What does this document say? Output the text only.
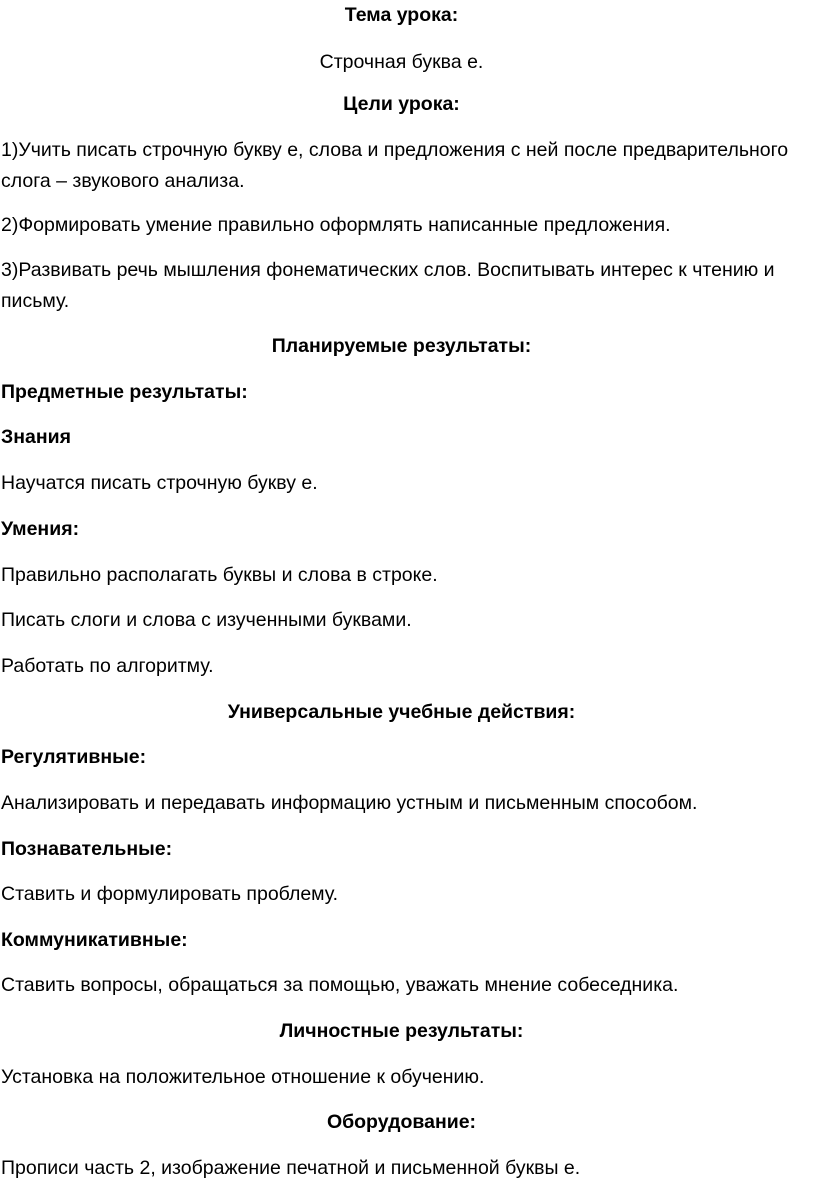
Тема урока:

Строчная буква е.

Цели урока:

1)Учить писать строчную букву е, слова и предложения с ней после предварительного слога – звукового анализа.

2)Формировать умение правильно оформлять написанные предложения.

3)Развивать речь мышления фонематических слов. Воспитывать интерес к чтению и письму.

Планируемые результаты:

Предметные результаты:

Знания

Научатся писать строчную букву е.

Умения:

Правильно располагать буквы и слова в строке.

Писать слоги и слова с изученными буквами.

Работать по алгоритму.

Универсальные учебные действия:

Регулятивные:

Анализировать и передавать информацию устным и письменным способом.

Познавательные:

Ставить и формулировать проблему.

Коммуникативные:

Ставить вопросы, обращаться за помощью, уважать мнение собеседника.

Личностные результаты:

Установка на положительное отношение к обучению.

Оборудование:

Прописи часть 2, изображение печатной и письменной буквы е.
